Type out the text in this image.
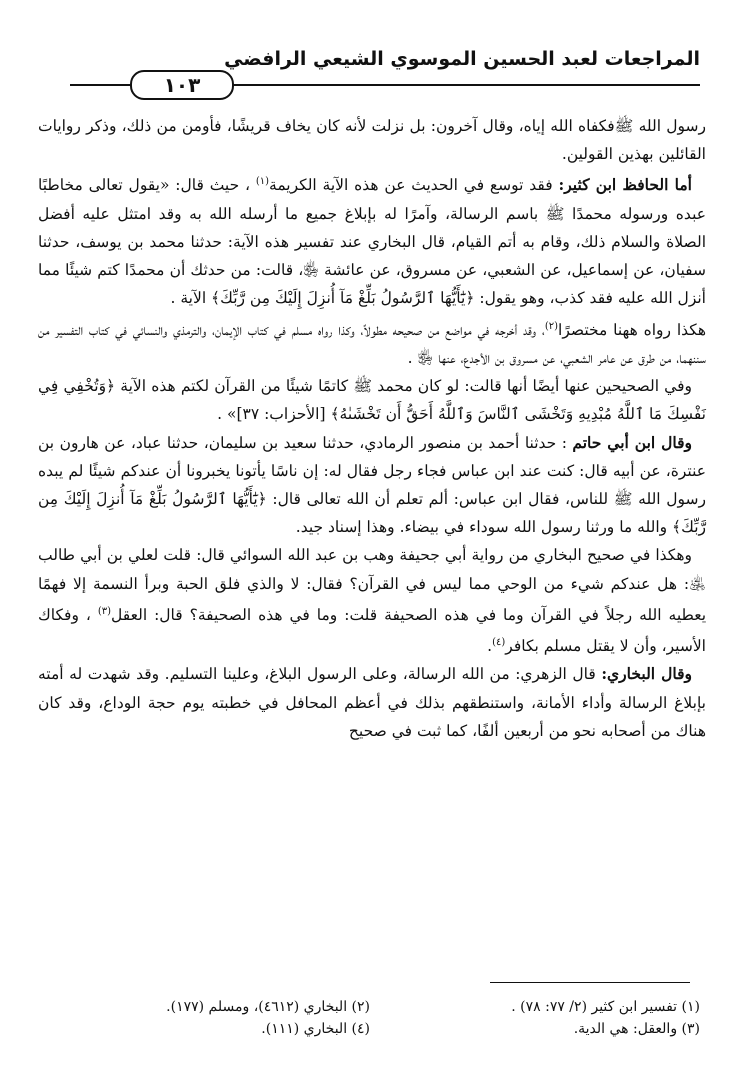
المراجعات لعبد الحسين الموسوي الشيعي الرافضي
١٠٣

رسول الله ﷺفكفاه الله إياه، وقال آخرون: بل نزلت لأنه كان يخاف قريشًا، فأومن من ذلك، وذكر روايات القائلين بهذين القولين.

أما الحافظ ابن كثير: فقد توسع في الحديث عن هذه الآية الكريمة$^{(١)}$ ، حيث قال: «يقول تعالى مخاطبًا عبده ورسوله محمدًا ﷺ باسم الرسالة، وآمرًا له بإبلاغ جميع ما أرسله الله به وقد امتثل عليه أفضل الصلاة والسلام ذلك، وقام به أتم القيام، قال البخاري عند تفسير هذه الآية: حدثنا محمد بن يوسف، حدثنا سفيان، عن إسماعيل، عن الشعبي، عن مسروق، عن عائشة ﵂، قالت: من حدثك أن محمدًا كتم شيئًا مما أنزل الله عليه فقد كذب، وهو يقول: ﴿يَٰٓأَيُّهَا ٱلرَّسُولُ بَلِّغْ مَآ أُنزِلَ إِلَيْكَ مِن رَّبِّكَ﴾ الآية .

هكذا رواه ههنا مختصرًا$^{(٢)}$، وقد أخرجه في مواضع من صحيحه مطولاً، وكذا رواه مسلم في كتاب الإيمان، والترمذي والنسائي في كتاب التفسير من سننهما، من طرق عن عامر الشعبي، عن مسروق بن الأجدع، عنها ﵂ .

وفي الصحيحين عنها أيضًا أنها قالت: لو كان محمد ﷺ كاتمًا شيئًا من القرآن لكتم هذه الآية ﴿وَتُخْفِي فِي نَفْسِكَ مَا ٱللَّهُ مُبْدِيهِ وَتَخْشَى ٱلنَّاسَ وَٱللَّهُ أَحَقُّ أَن تَخْشَىٰهُ﴾ [الأحزاب: ٣٧]» .

وقال ابن أبي حاتم : حدثنا أحمد بن منصور الرمادي، حدثنا سعيد بن سليمان، حدثنا عباد، عن هارون بن عنترة، عن أبيه قال: كنت عند ابن عباس فجاء رجل فقال له: إن ناسًا يأتونا يخبرونا أن عندكم شيئًا لم يبده رسول الله ﷺ للناس، فقال ابن عباس: ألم تعلم أن الله تعالى قال: ﴿يَٰٓأَيُّهَا ٱلرَّسُولُ بَلِّغْ مَآ أُنزِلَ إِلَيْكَ مِن رَّبِّكَ﴾ والله ما ورثنا رسول الله سوداء في بيضاء. وهذا إسناد جيد.

وهكذا في صحيح البخاري من رواية أبي جحيفة وهب بن عبد الله السوائي قال: قلت لعلي بن أبي طالب ﵁: هل عندكم شيء من الوحي مما ليس في القرآن؟ فقال: لا والذي فلق الحبة وبرأ النسمة إلا فهمًا يعطيه الله رجلاً في القرآن وما في هذه الصحيفة قلت: وما في هذه الصحيفة؟ قال: العقل$^{(٣)}$ ، وفكاك الأسير، وأن لا يقتل مسلم بكافر$^{(٤)}$.

وقال البخاري: قال الزهري: من الله الرسالة، وعلى الرسول البلاغ، وعلينا التسليم. وقد شهدت له أمته بإبلاغ الرسالة وأداء الأمانة، واستنطقهم بذلك في أعظم المحافل في خطبته يوم حجة الوداع، وقد كان هناك من أصحابه نحو من أربعين ألفًا، كما ثبت في صحيح

(١) تفسير ابن كثير (٢/ ٧٧: ٧٨) .
(٢) البخاري (٤٦١٢)، ومسلم (١٧٧).
(٣) والعقل: هي الدية.
(٤) البخاري (١١١).
